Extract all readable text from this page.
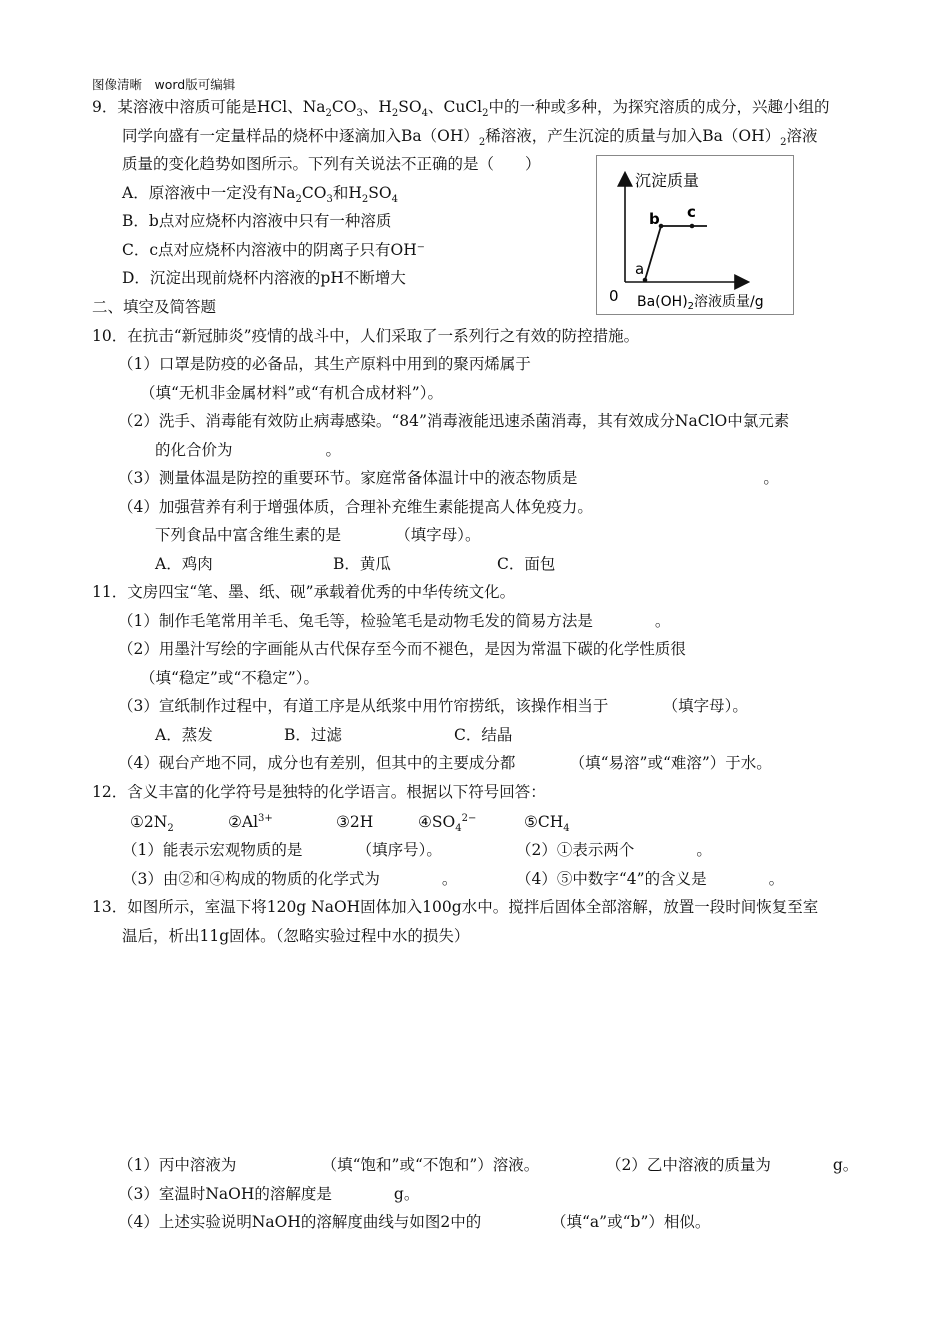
图像清晰　word版可编辑
9．某溶液中溶质可能是HCl、$Na_2CO_3$、$H_2SO_4$、CuCl$_2$中的一种或多种，为探究溶质的成分，兴趣小组的
同学向盛有一定量样品的烧杯中逐滴加入$Ba(OH)_2$稀溶液，产生沉淀的质量与加入$Ba(OH)_2$溶液
质量的变化趋势如图所示。下列有关说法不正确的是（　　）
A．原溶液中一定没有$Na_2CO_3$和$H_2SO_4$
B．b点对应烧杯内溶液中只有一种溶质
C．c点对应烧杯内溶液中的阴离子只有OH⁻
D．沉淀出现前烧杯内溶液的pH不断增大
沉淀质量
a
b c
0 $Ba(OH)_2$溶液质量/g
二、填空及简答题
10．在抗击“新冠肺炎”疫情的战斗中，人们采取了一系列行之有效的防控措施。
（1）口罩是防疫的必备品，其生产原料中用到的聚丙烯属于
（填“无机非金属材料”或“有机合成材料”）。
（2）洗手、消毒能有效防止病毒感染。“84”消毒液能迅速杀菌消毒，其有效成分NaClO中氯元素
的化合价为　　　　　　。
（3）测量体温是防控的重要环节。家庭常备体温计中的液态物质是　　　　　　　　　　　　。
（4）加强营养有利于增强体质，合理补充维生素能提高人体免疫力。
下列食品中富含维生素的是　　　　（填字母）。
A．鸡肉	B．黄瓜	C．面包
11．文房四宝“笔、墨、纸、砚”承载着优秀的中华传统文化。
（1）制作毛笔常用羊毛、兔毛等，检验笔毛是动物毛发的简易方法是　　　　。
（2）用墨汁写绘的字画能从古代保存至今而不褪色，是因为常温下碳的化学性质很
（填“稳定”或“不稳定”）。
（3）宣纸制作过程中，有道工序是从纸浆中用竹帘捞纸，该操作相当于　　　　（填字母）。
A．蒸发	B．过滤	C．结晶
（4）砚台产地不同，成分也有差别，但其中的主要成分都　　　　（填“易溶”或“难溶”）于水。
12．含义丰富的化学符号是独特的化学语言。根据以下符号回答：
$①2N_2$	$②Al^{3+}$	③2H	$④SO_4^{2-}$	$⑤CH_4$
（1）能表示宏观物质的是　　　　（填序号）。	（2）①表示两个　　　　。
（3）由②和④构成的物质的化学式为　　　　。	（4）⑤中数字“4”的含义是　　　　。
13．如图所示，室温下将120g NaOH固体加入100g水中。搅拌后固体全部溶解，放置一段时间恢复至室
温后，析出11g固体。（忽略实验过程中水的损失）
（1）丙中溶液为　　　　　　（填“饱和”或“不饱和”）溶液。	（2）乙中溶液的质量为　　　　g。
（3）室温时NaOH的溶解度是　　　　g。
（4）上述实验说明NaOH的溶解度曲线与如图2中的　　　　　（填“a”或“b”）相似。
